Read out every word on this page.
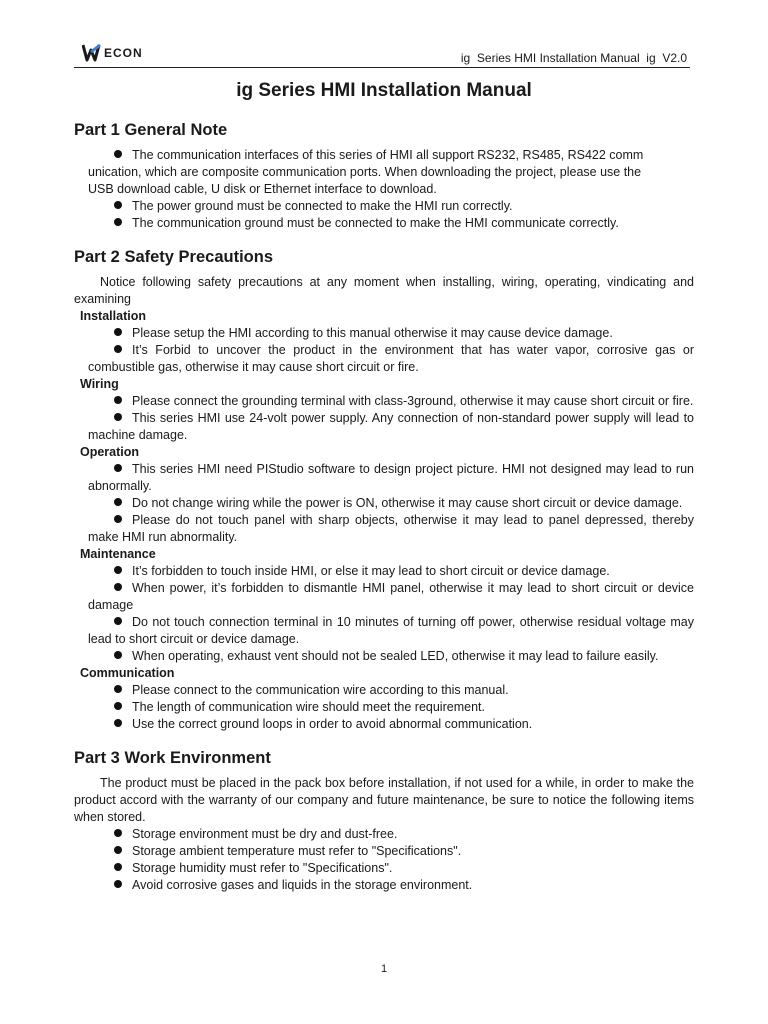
ECON	ig  Series HMI Installation Manual  ig  V2.0
ig Series HMI Installation Manual
Part 1 General Note

The communication interfaces of this series of HMI all support RS232, RS485, RS422 comm

unication, which are composite communication ports. When downloading the project, please use the

USB download cable, U disk or Ethernet interface to download.

The power ground must be connected to make the HMI run correctly.

The communication ground must be connected to make the HMI communicate correctly.

Part 2 Safety Precautions

Notice following safety precautions at any moment when installing, wiring, operating, vindicating and examining

Installation

Please setup the HMI according to this manual otherwise it may cause device damage.

It’s Forbid to uncover the product in the environment that has water vapor, corrosive gas or combustible gas, otherwise it may cause short circuit or fire.

Wiring

Please connect the grounding terminal with class-3ground, otherwise it may cause short circuit or fire.

This series HMI use 24-volt power supply. Any connection of non-standard power supply will lead to machine damage.

Operation

This series HMI need PIStudio software to design project picture. HMI not designed may lead to run abnormally.

Do not change wiring while the power is ON, otherwise it may cause short circuit or device damage.

Please do not touch panel with sharp objects, otherwise it may lead to panel depressed, thereby make HMI run abnormality.

Maintenance

It’s forbidden to touch inside HMI, or else it may lead to short circuit or device damage.

When power, it’s forbidden to dismantle HMI panel, otherwise it may lead to short circuit or device damage

Do not touch connection terminal in 10 minutes of turning off power, otherwise residual voltage may lead to short circuit or device damage.

When operating, exhaust vent should not be sealed LED, otherwise it may lead to failure easily.

Communication

Please connect to the communication wire according to this manual.

The length of communication wire should meet the requirement.

Use the correct ground loops in order to avoid abnormal communication.

Part 3 Work Environment

The product must be placed in the pack box before installation, if not used for a while, in order to make the product accord with the warranty of our company and future maintenance, be sure to notice the following items when stored.

Storage environment must be dry and dust-free.

Storage ambient temperature must refer to "Specifications".

Storage humidity must refer to "Specifications".

Avoid corrosive gases and liquids in the storage environment.

1
